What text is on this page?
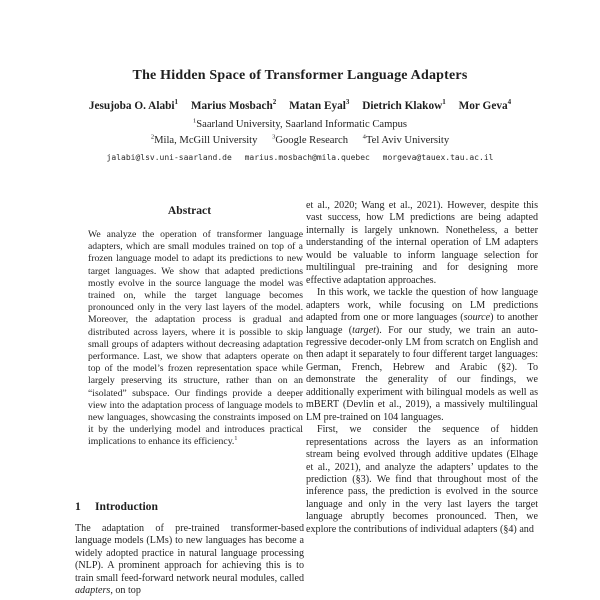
The Hidden Space of Transformer Language Adapters
Jesujoba O. Alabi$^1$ Marius Mosbach$^2$ Matan Eyal$^3$ Dietrich Klakow$^1$ Mor Geva$^4$
$^1$Saarland University, Saarland Informatic Campus
$^2$Mila, McGill University $^3$Google Research $^4$Tel Aviv University
jalabi@lsv.uni-saarland.de marius.mosbach@mila.quebec morgeva@tauex.tau.ac.il
Abstract

We analyze the operation of transformer language adapters, which are small modules trained on top of a frozen language model to adapt its predictions to new target languages. We show that adapted predictions mostly evolve in the source language the model was trained on, while the target language becomes pronounced only in the very last layers of the model. Moreover, the adaptation process is gradual and distributed across layers, where it is possible to skip small groups of adapters without decreasing adaptation performance. Last, we show that adapters operate on top of the model’s frozen representation space while largely preserving its structure, rather than on an “isolated” subspace. Our findings provide a deeper view into the adaptation process of language models to new languages, showcasing the constraints imposed on it by the underlying model and introduces practical implications to enhance its efficiency.$^1$

1 Introduction

The adaptation of pre-trained transformer-based language models (LMs) to new languages has become a widely adopted practice in natural language processing (NLP). A prominent approach for achieving this is to train small feed-forward network neural modules, called adapters, on top

et al., 2020; Wang et al., 2021). However, despite this vast success, how LM predictions are being adapted internally is largely unknown. Nonetheless, a better understanding of the internal operation of LM adapters would be valuable to inform language selection for multilingual pre-training and for designing more effective adaptation approaches.

In this work, we tackle the question of how language adapters work, while focusing on LM predictions adapted from one or more languages (source) to another language (target). For our study, we train an auto-regressive decoder-only LM from scratch on English and then adapt it separately to four different target languages: German, French, Hebrew and Arabic (§2). To demonstrate the generality of our findings, we additionally experiment with bilingual models as well as mBERT (Devlin et al., 2019), a massively multilingual LM pre-trained on 104 languages.

First, we consider the sequence of hidden representations across the layers as an information stream being evolved through additive updates (Elhage et al., 2021), and analyze the adapters’ updates to the prediction (§3). We find that throughout most of the inference pass, the prediction is evolved in the source language and only in the very last layers the target language abruptly becomes pronounced. Then, we explore the contributions of individual adapters (§4) and
